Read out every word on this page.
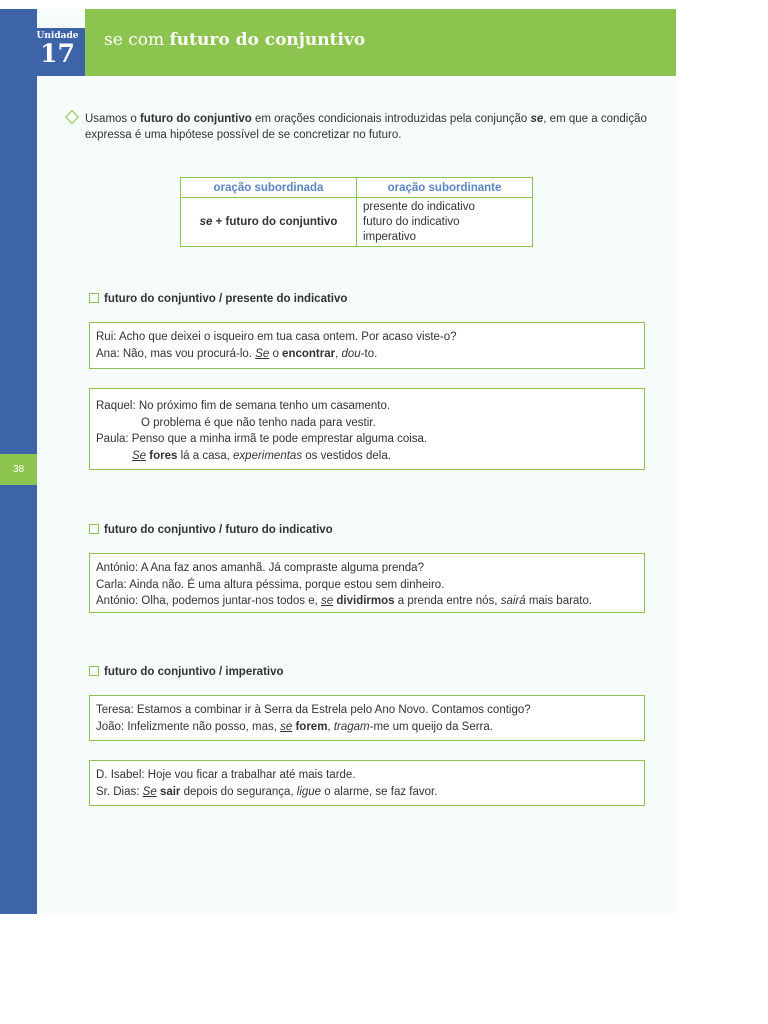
38
se com futuro do conjuntivo
Unidade
17
Usamos o futuro do conjuntivo em orações condicionais introduzidas pela conjunção se, em que a condição expressa é uma hipótese possível de se concretizar no futuro.
oração subordinada	oração subordinante
se + futuro do conjuntivo	presente do indicativo
futuro do indicativo
imperativo
futuro do conjuntivo / presente do indicativo
Rui: Acho que deixei o isqueiro em tua casa ontem. Por acaso viste-o?
Ana: Não, mas vou procurá-lo. Se o encontrar, dou-to.
Raquel: No próximo fim de semana tenho um casamento.
O problema é que não tenho nada para vestir.
Paula: Penso que a minha irmã te pode emprestar alguma coisa.
Se fores lá a casa, experimentas os vestidos dela.
futuro do conjuntivo / futuro do indicativo
António: A Ana faz anos amanhã. Já compraste alguma prenda?
Carla: Ainda não. É uma altura péssima, porque estou sem dinheiro.
António: Olha, podemos juntar-nos todos e, se dividirmos a prenda entre nós, sairá mais barato.
futuro do conjuntivo / imperativo
Teresa: Estamos a combinar ir à Serra da Estrela pelo Ano Novo. Contamos contigo?
João: Infelizmente não posso, mas, se forem, tragam-me um queijo da Serra.
D. Isabel: Hoje vou ficar a trabalhar até mais tarde.
Sr. Dias: Se sair depois do segurança, ligue o alarme, se faz favor.
